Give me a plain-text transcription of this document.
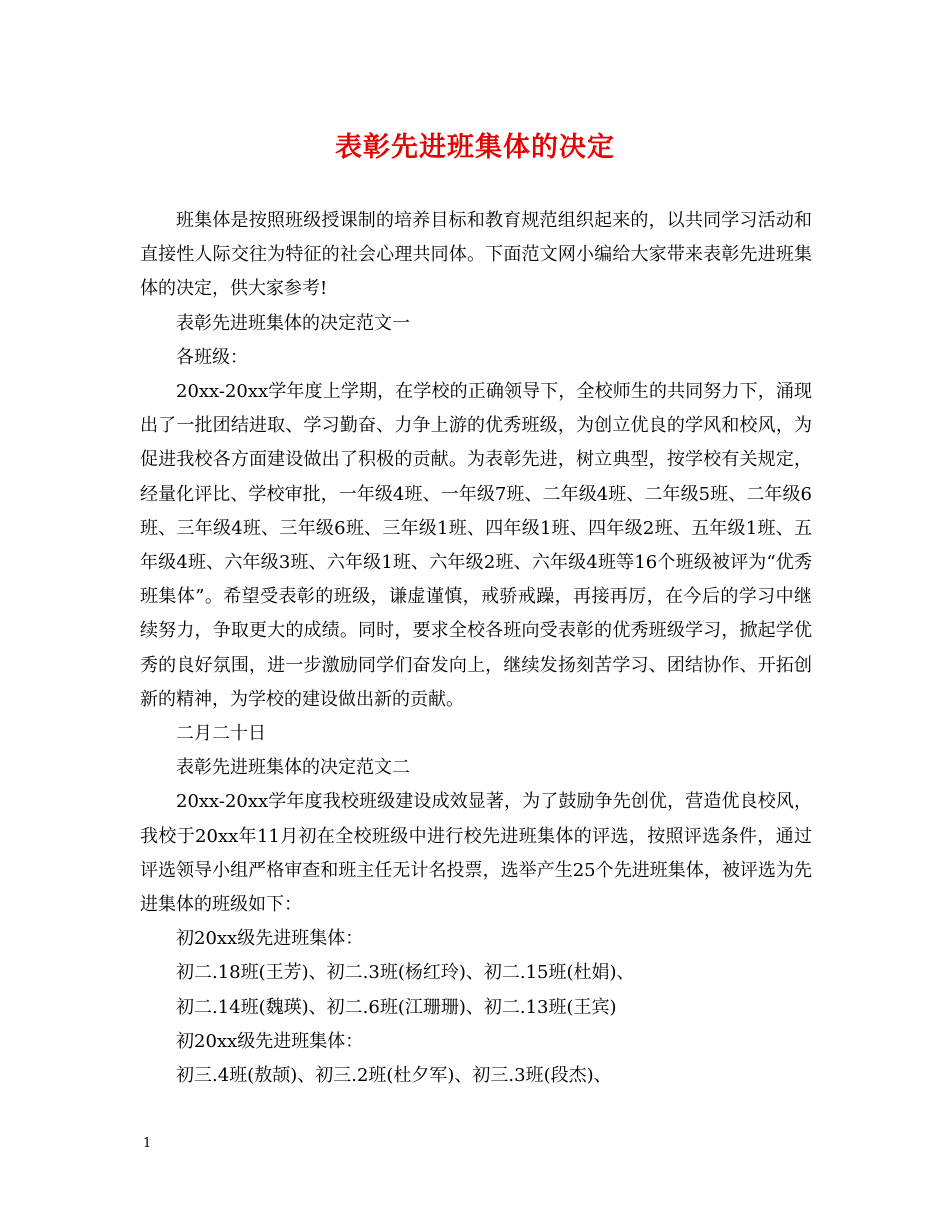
表彰先进班集体的决定

班集体是按照班级授课制的培养目标和教育规范组织起来的，以共同学习活动和直接性人际交往为特征的社会心理共同体。下面范文网小编给大家带来表彰先进班集体的决定，供大家参考!

表彰先进班集体的决定范文一

各班级：

20xx-20xx学年度上学期，在学校的正确领导下，全校师生的共同努力下，涌现出了一批团结进取、学习勤奋、力争上游的优秀班级，为创立优良的学风和校风，为促进我校各方面建设做出了积极的贡献。为表彰先进，树立典型，按学校有关规定，经量化评比、学校审批，一年级4班、一年级7班、二年级4班、二年级5班、二年级6班、三年级4班、三年级6班、三年级1班、四年级1班、四年级2班、五年级1班、五年级4班、六年级3班、六年级1班、六年级2班、六年级4班等16个班级被评为“优秀班集体”。希望受表彰的班级，谦虚谨慎，戒骄戒躁，再接再厉，在今后的学习中继续努力，争取更大的成绩。同时，要求全校各班向受表彰的优秀班级学习，掀起学优秀的良好氛围，进一步激励同学们奋发向上，继续发扬刻苦学习、团结协作、开拓创新的精神，为学校的建设做出新的贡献。

二月二十日

表彰先进班集体的决定范文二

20xx-20xx学年度我校班级建设成效显著，为了鼓励争先创优，营造优良校风，我校于20xx年11月初在全校班级中进行校先进班集体的评选，按照评选条件，通过评选领导小组严格审查和班主任无计名投票，选举产生25个先进班集体，被评选为先进集体的班级如下：

初20xx级先进班集体：

初二.18班(王芳)、初二.3班(杨红玲)、初二.15班(杜娟)、

初二.14班(魏瑛)、初二.6班(江珊珊)、初二.13班(王宾)

初20xx级先进班集体：

初三.4班(敖颉)、初三.2班(杜夕军)、初三.3班(段杰)、

1
